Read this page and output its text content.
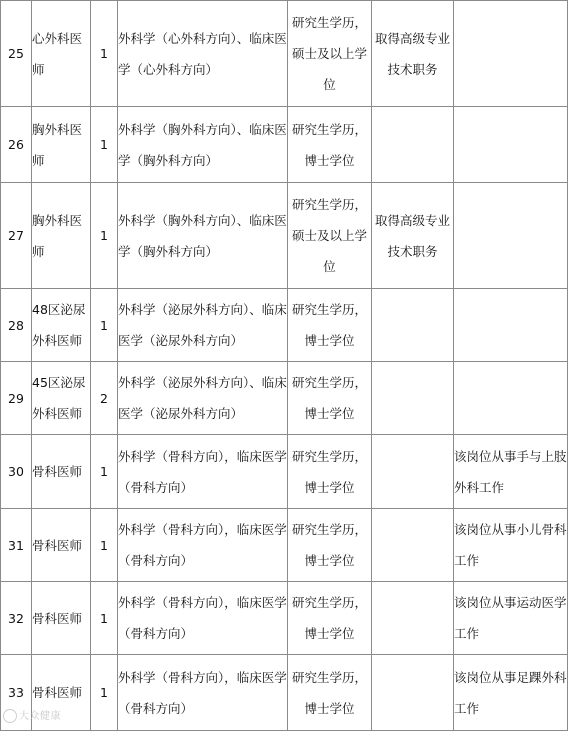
25	心外科医师	1	外科学（心外科方向）、临床医学（心外科方向）	研究生学历，硕士及以上学位	取得高级专业技术职务	
26	胸外科医师	1	外科学（胸外科方向）、临床医学（胸外科方向）	研究生学历，博士学位		
27	胸外科医师	1	外科学（胸外科方向）、临床医学（胸外科方向）	研究生学历，硕士及以上学位	取得高级专业技术职务	
28	48区泌尿外科医师	1	外科学（泌尿外科方向）、临床医学（泌尿外科方向）	研究生学历，博士学位		
29	45区泌尿外科医师	2	外科学（泌尿外科方向）、临床医学（泌尿外科方向）	研究生学历，博士学位		
30	骨科医师	1	外科学（骨科方向），临床医学（骨科方向）	研究生学历，博士学位		该岗位从事手与上肢外科工作
31	骨科医师	1	外科学（骨科方向），临床医学（骨科方向）	研究生学历，博士学位		该岗位从事小儿骨科工作
32	骨科医师	1	外科学（骨科方向），临床医学（骨科方向）	研究生学历，博士学位		该岗位从事运动医学工作
33	骨科医师	1	外科学（骨科方向），临床医学（骨科方向）	研究生学历，博士学位		该岗位从事足踝外科工作
大众健康
